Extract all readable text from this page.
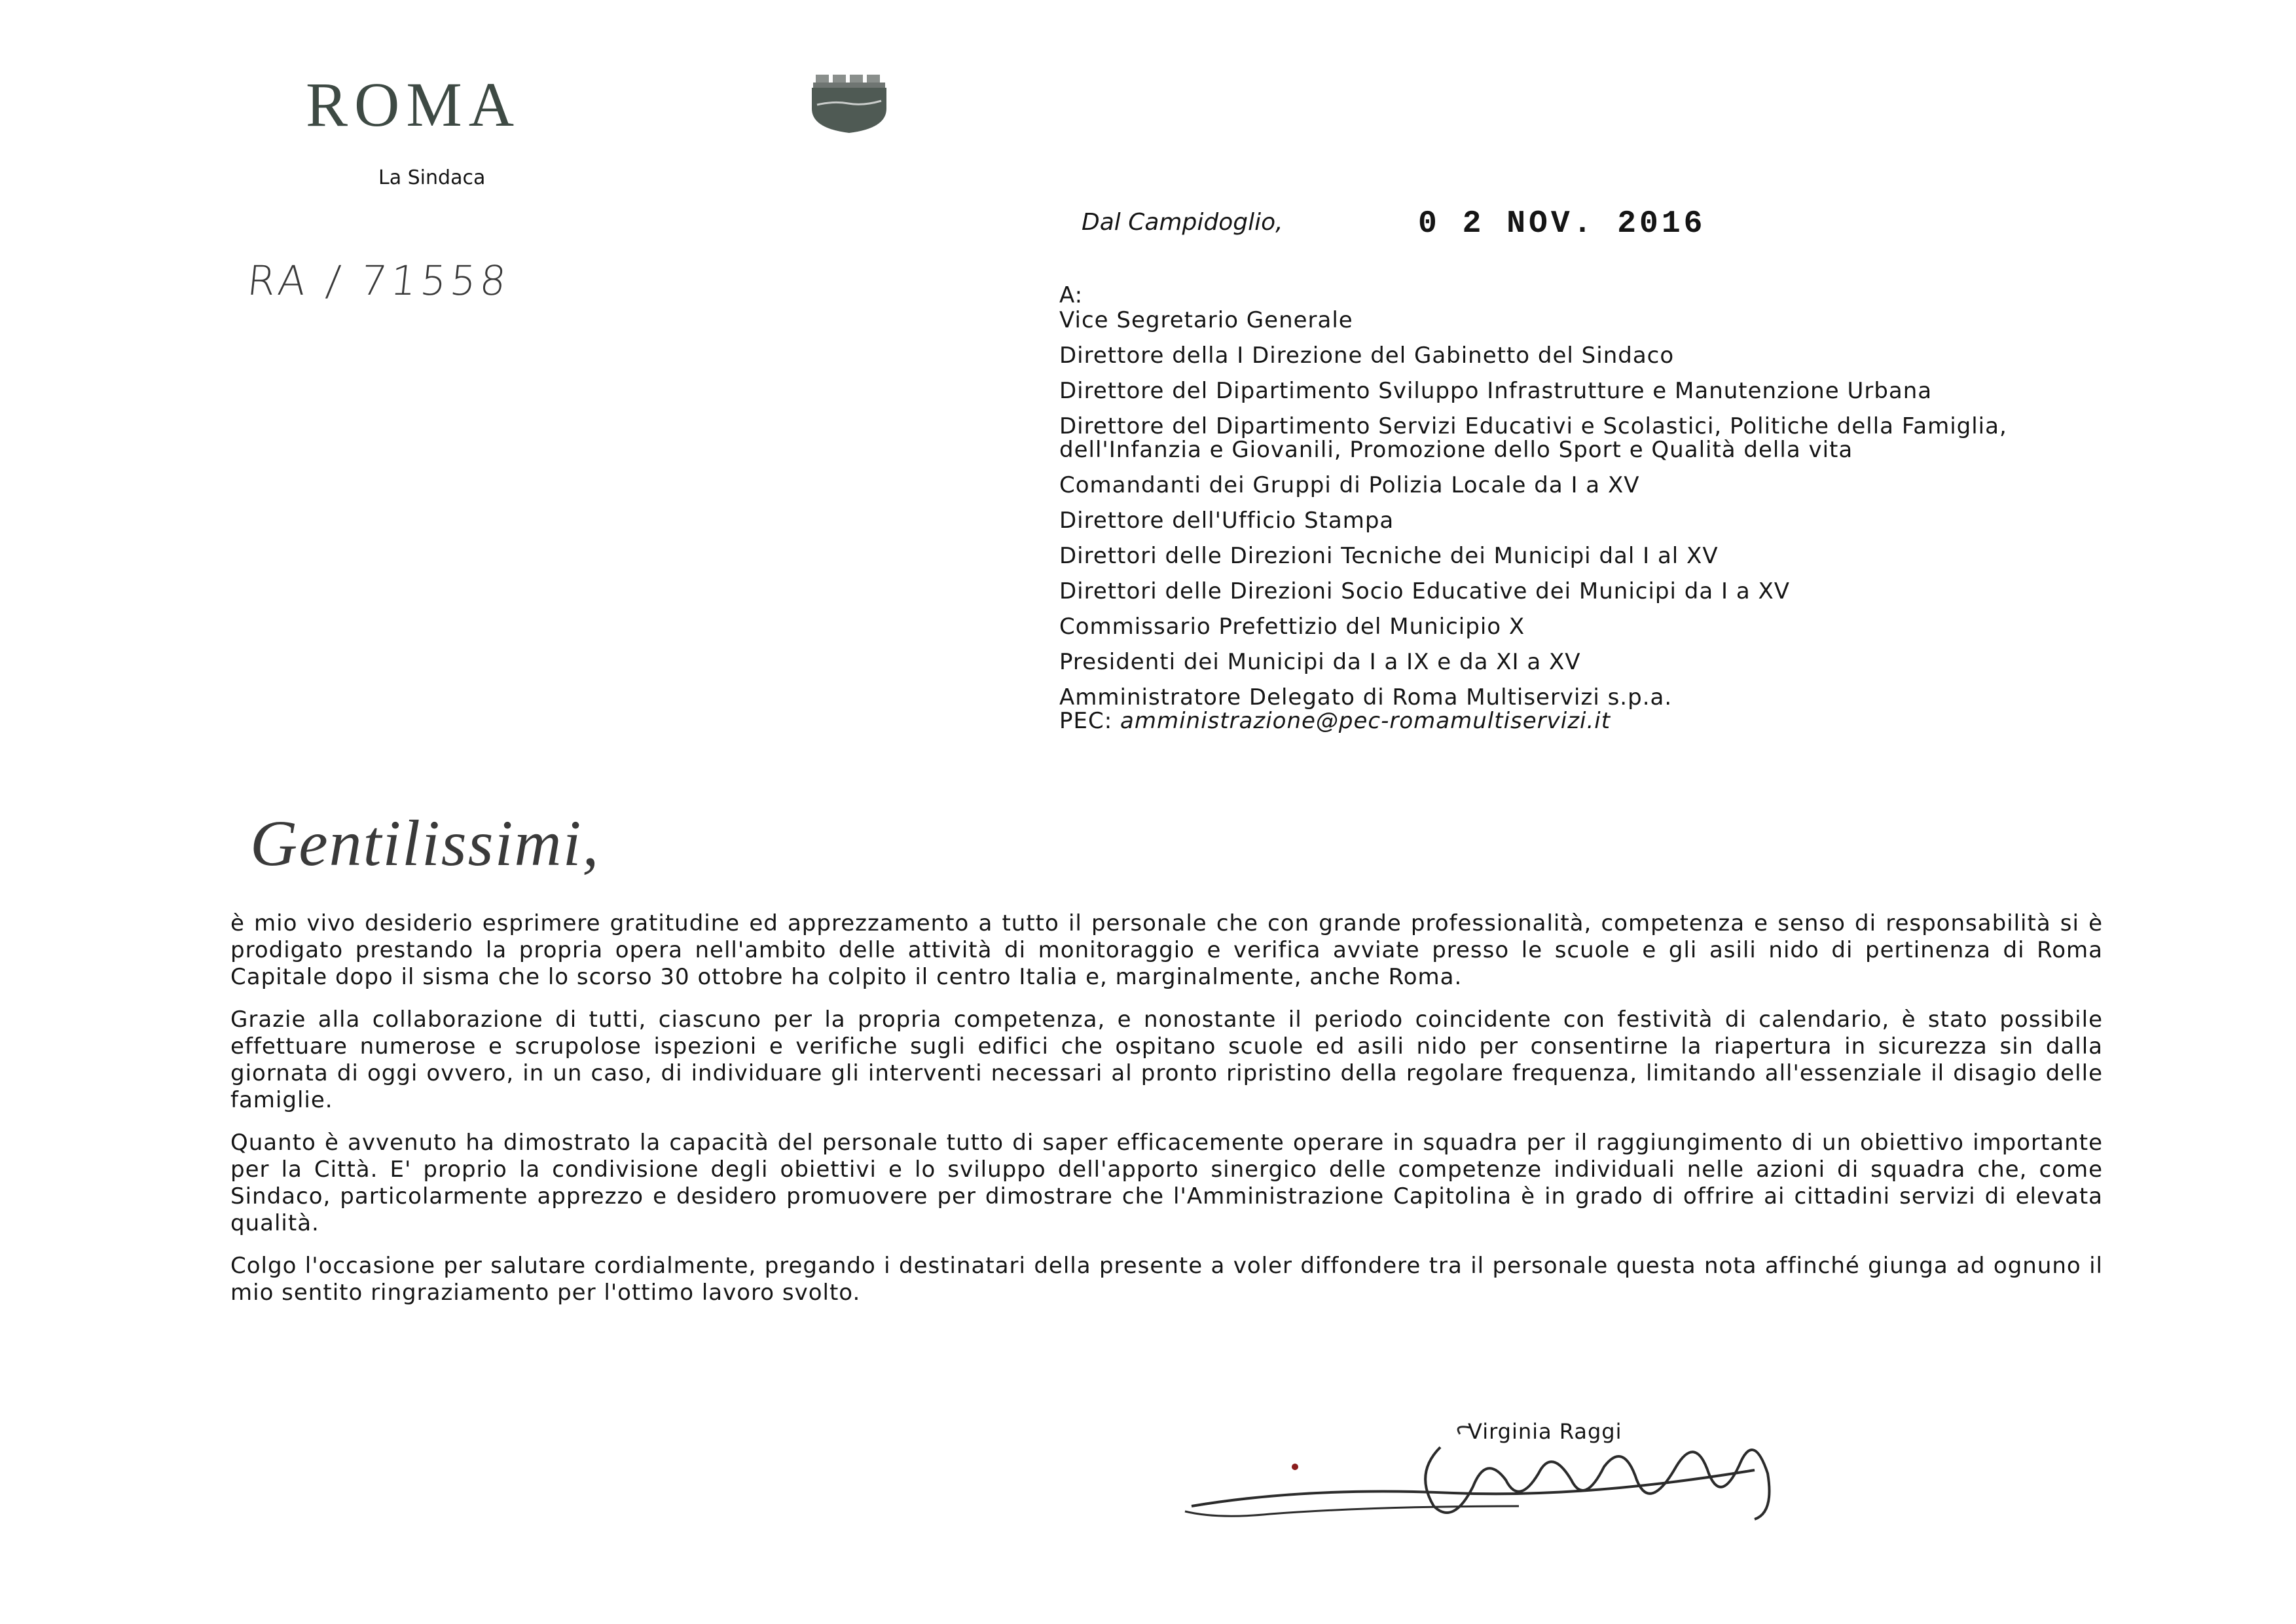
ROMA
La Sindaca
Dal Campidoglio,	0 2 NOV. 2016
RA / 71558	A:
Vice Segretario Generale
Direttore della I Direzione del Gabinetto del Sindaco
Direttore del Dipartimento Sviluppo Infrastrutture e Manutenzione Urbana
Direttore del Dipartimento Servizi Educativi e Scolastici, Politiche della Famiglia, dell'Infanzia e Giovanili, Promozione dello Sport e Qualità della vita
Comandanti dei Gruppi di Polizia Locale da I a XV
Direttore dell'Ufficio Stampa
Direttori delle Direzioni Tecniche dei Municipi dal I al XV
Direttori delle Direzioni Socio Educative dei Municipi da I a XV
Commissario Prefettizio del Municipio X
Presidenti dei Municipi da I a IX e da XI a XV
Amministratore Delegato di Roma Multiservizi s.p.a.
PEC: amministrazione@pec-romamultiservizi.it
Gentilissimi,

è mio vivo desiderio esprimere gratitudine ed apprezzamento a tutto il personale che con grande professionalità, competenza e senso di responsabilità si è prodigato prestando la propria opera nell'ambito delle attività di monitoraggio e verifica avviate presso le scuole e gli asili nido di pertinenza di Roma Capitale dopo il sisma che lo scorso 30 ottobre ha colpito il centro Italia e, marginalmente, anche Roma.

Grazie alla collaborazione di tutti, ciascuno per la propria competenza, e nonostante il periodo coincidente con festività di calendario, è stato possibile effettuare numerose e scrupolose ispezioni e verifiche sugli edifici che ospitano scuole ed asili nido per consentirne la riapertura in sicurezza sin dalla giornata di oggi ovvero, in un caso, di individuare gli interventi necessari al pronto ripristino della regolare frequenza, limitando all'essenziale il disagio delle famiglie.

Quanto è avvenuto ha dimostrato la capacità del personale tutto di saper efficacemente operare in squadra per il raggiungimento di un obiettivo importante per la Città. E' proprio la condivisione degli obiettivi e lo sviluppo dell'apporto sinergico delle competenze individuali nelle azioni di squadra che, come Sindaco, particolarmente apprezzo e desidero promuovere per dimostrare che l'Amministrazione Capitolina è in grado di offrire ai cittadini servizi di elevata qualità.

Colgo l'occasione per salutare cordialmente, pregando i destinatari della presente a voler diffondere tra il personale questa nota affinché giunga ad ognuno il mio sentito ringraziamento per l'ottimo lavoro svolto.

Virginia Raggi
